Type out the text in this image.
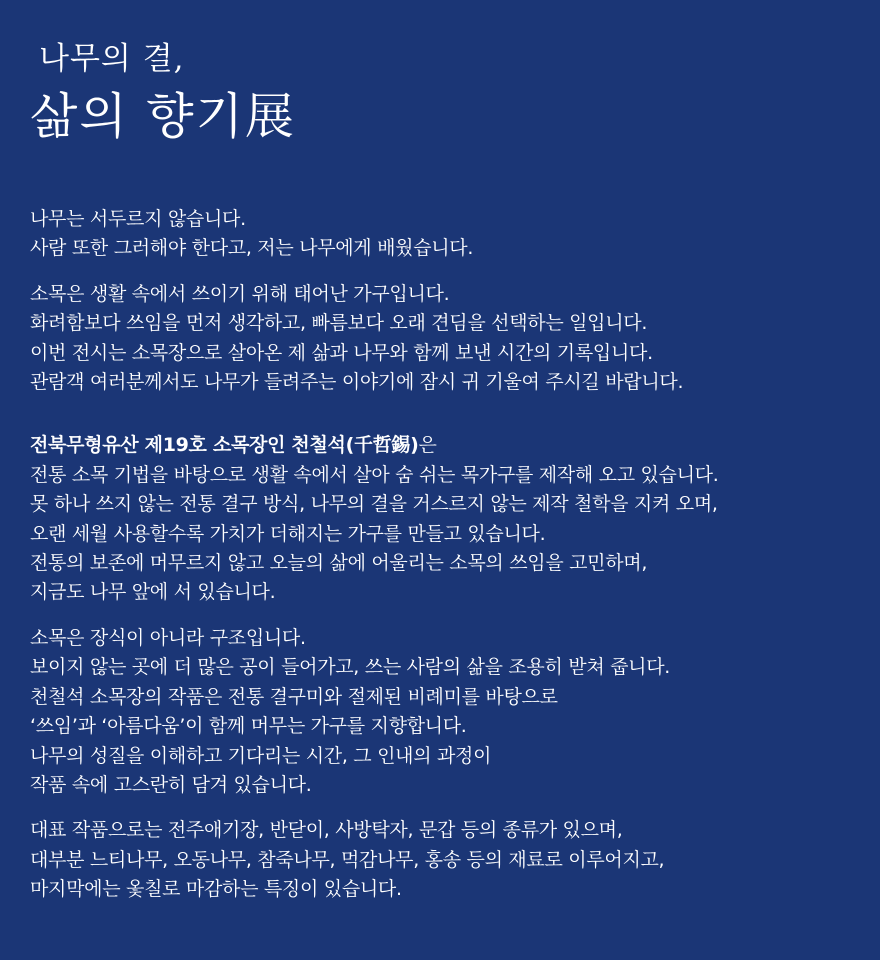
나무의 결,
삶의 향기展
나무는 서두르지 않습니다.
사람 또한 그러해야 한다고, 저는 나무에게 배웠습니다.
소목은 생활 속에서 쓰이기 위해 태어난 가구입니다.
화려함보다 쓰임을 먼저 생각하고, 빠름보다 오래 견딤을 선택하는 일입니다.
이번 전시는 소목장으로 살아온 제 삶과 나무와 함께 보낸 시간의 기록입니다.
관람객 여러분께서도 나무가 들려주는 이야기에 잠시 귀 기울여 주시길 바랍니다.
전북무형유산 제19호 소목장인 천철석(千哲錫)은
전통 소목 기법을 바탕으로 생활 속에서 살아 숨 쉬는 목가구를 제작해 오고 있습니다.
못 하나 쓰지 않는 전통 결구 방식, 나무의 결을 거스르지 않는 제작 철학을 지켜 오며,
오랜 세월 사용할수록 가치가 더해지는 가구를 만들고 있습니다.
전통의 보존에 머무르지 않고 오늘의 삶에 어울리는 소목의 쓰임을 고민하며,
지금도 나무 앞에 서 있습니다.
소목은 장식이 아니라 구조입니다.
보이지 않는 곳에 더 많은 공이 들어가고, 쓰는 사람의 삶을 조용히 받쳐 줍니다.
천철석 소목장의 작품은 전통 결구미와 절제된 비례미를 바탕으로
‘쓰임’과 ‘아름다움’이 함께 머무는 가구를 지향합니다.
나무의 성질을 이해하고 기다리는 시간, 그 인내의 과정이
작품 속에 고스란히 담겨 있습니다.
대표 작품으로는 전주애기장, 반닫이, 사방탁자, 문갑 등의 종류가 있으며,
대부분 느티나무, 오동나무, 참죽나무, 먹감나무, 홍송 등의 재료로 이루어지고,
마지막에는 옻칠로 마감하는 특징이 있습니다.
